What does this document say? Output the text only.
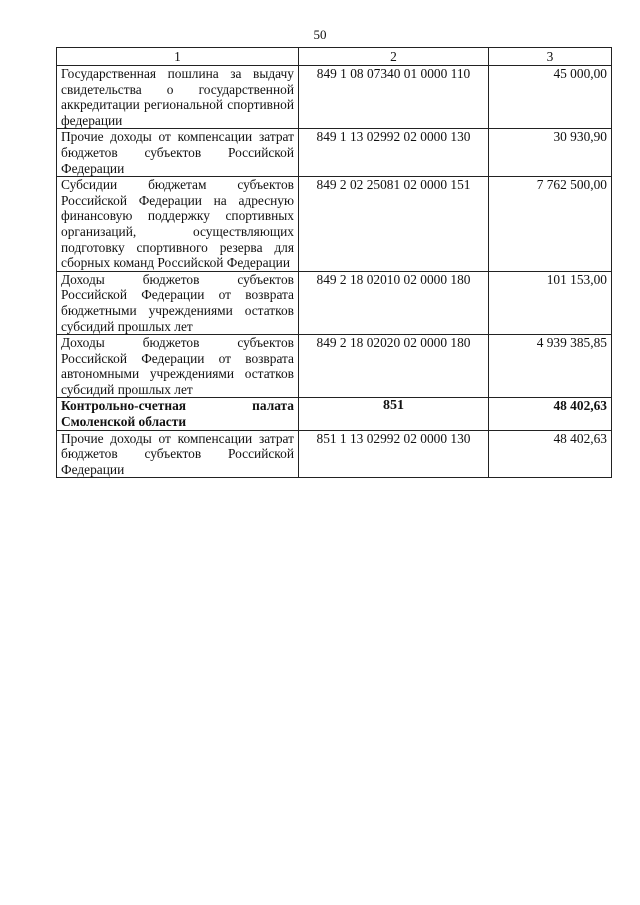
50
1	2	3
Государственная пошлина за выдачу свидетельства о государственной аккредитации региональной спортивной федерации	849 1 08 07340 01 0000 110	45 000,00
Прочие доходы от компенсации затрат бюджетов субъектов Российской Федерации	849 1 13 02992 02 0000 130	30 930,90
Субсидии бюджетам субъектов Российской Федерации на адресную финансовую поддержку спортивных организаций, осуществляющих подготовку спортивного резерва для сборных команд Российской Федерации	849 2 02 25081 02 0000 151	7 762 500,00
Доходы бюджетов субъектов Российской Федерации от возврата бюджетными учреждениями остатков субсидий прошлых лет	849 2 18 02010 02 0000 180	101 153,00
Доходы бюджетов субъектов Российской Федерации от возврата автономными учреждениями остатков субсидий прошлых лет	849 2 18 02020 02 0000 180	4 939 385,85
Контрольно-счетная палата Смоленской области	851	48 402,63
Прочие доходы от компенсации затрат бюджетов субъектов Российской Федерации	851 1 13 02992 02 0000 130	48 402,63
